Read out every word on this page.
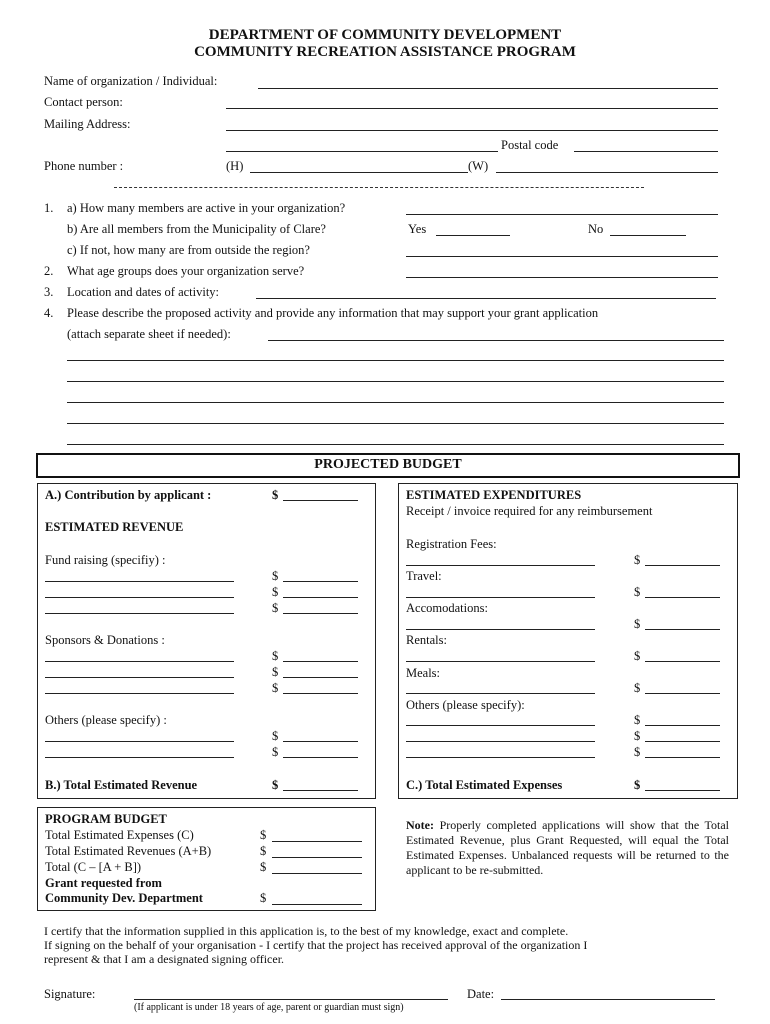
DEPARTMENT OF COMMUNITY DEVELOPMENT
COMMUNITY RECREATION ASSISTANCE PROGRAM
Name of organization / Individual:
Contact person:
Mailing Address:
Postal code
Phone number :	(H)	(W)
1. a) How many members are active in your organization?
b) Are all members from the Municipality of Clare?	Yes	No
c) If not, how many are from outside the region?
2. What age groups does your organization serve?
3. Location and dates of activity:
4. Please describe the proposed activity and provide any information that may support your grant application
(attach separate sheet if needed):
PROJECTED BUDGET
A.) Contribution by applicant :	$
ESTIMATED REVENUE
Fund raising (specifiy) :
$
$
$
Sponsors & Donations :
$
$
$
Others (please specify) :
$
$
B.) Total Estimated Revenue	$
ESTIMATED EXPENDITURES
Receipt / invoice required for any reimbursement
Registration Fees:
$
Travel:
$
Accomodations:
$
Rentals:
$
Meals:
$
Others (please specify):
$
$
$
C.) Total Estimated Expenses	$
PROGRAM BUDGET
Total Estimated Expenses (C)	$
Total Estimated Revenues (A+B)	$
Total (C – [A + B])	$
Grant requested from
Community Dev. Department	$
Note: Properly completed applications will show that the Total Estimated Revenue, plus Grant Requested, will equal the Total Estimated Expenses. Unbalanced requests will be returned to the applicant to be re-submitted.
I certify that the information supplied in this application is, to the best of my knowledge, exact and complete.
If signing on the behalf of your organisation - I certify that the project has received approval of the organization I
represent & that I am a designated signing officer.
Signature:
(If applicant is under 18 years of age, parent or guardian must sign)
Date:
